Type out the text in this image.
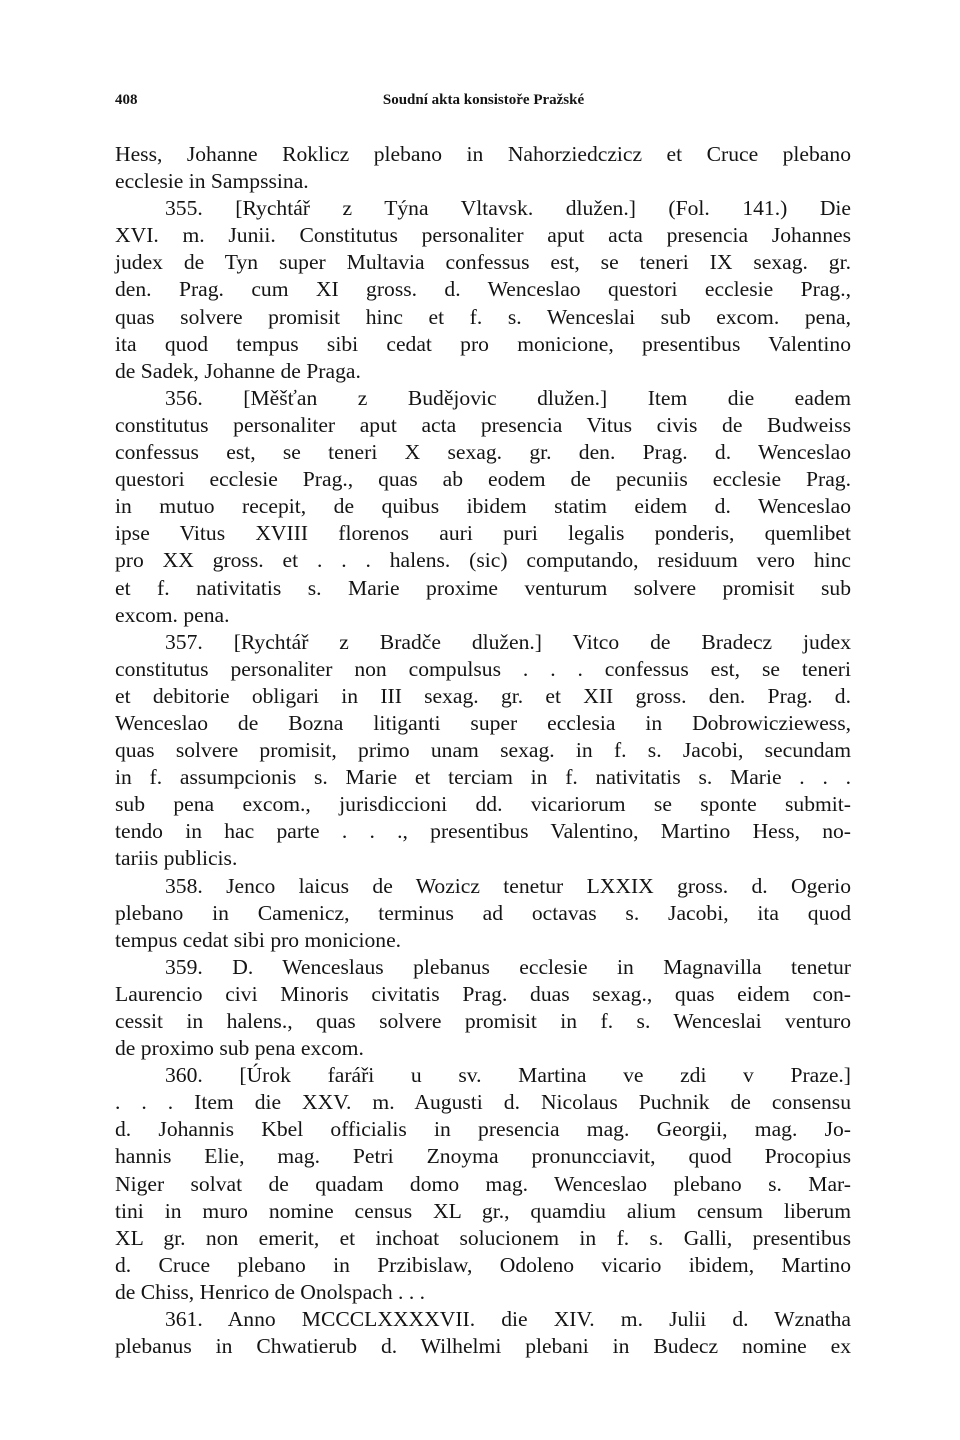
408	Soudní akta konsistoře Pražské
Hess, Johanne Roklicz plebano in Nahorziedczicz et Cruce plebano
ecclesie in Sampssina.
355. [Rychtář z Týna Vltavsk. dlužen.] (Fol. 141.) Die
XVI. m. Junii. Constitutus personaliter aput acta presencia Johannes
judex de Tyn super Multavia confessus est, se teneri IX sexag. gr.
den. Prag. cum XI gross. d. Wenceslao questori ecclesie Prag.,
quas solvere promisit hinc et f. s. Wenceslai sub excom. pena,
ita quod tempus sibi cedat pro monicione, presentibus Valentino
de Sadek, Johanne de Praga.
356. [Měšťan z Budějovic dlužen.] Item die eadem
constitutus personaliter aput acta presencia Vitus civis de Budweiss
confessus est, se teneri X sexag. gr. den. Prag. d. Wenceslao
questori ecclesie Prag., quas ab eodem de pecuniis ecclesie Prag.
in mutuo recepit, de quibus ibidem statim eidem d. Wenceslao
ipse Vitus XVIII florenos auri puri legalis ponderis, quemlibet
pro XX gross. et . . . halens. (sic) computando, residuum vero hinc
et f. nativitatis s. Marie proxime venturum solvere promisit sub
excom. pena.
357. [Rychtář z Bradče dlužen.] Vitco de Bradecz judex
constitutus personaliter non compulsus . . . confessus est, se teneri
et debitorie obligari in III sexag. gr. et XII gross. den. Prag. d.
Wenceslao de Bozna litiganti super ecclesia in Dobrowicziewess,
quas solvere promisit, primo unam sexag. in f. s. Jacobi, secundam
in f. assumpcionis s. Marie et terciam in f. nativitatis s. Marie . . .
sub pena excom., jurisdiccioni dd. vicariorum se sponte submit-
tendo in hac parte . . ., presentibus Valentino, Martino Hess, no-
tariis publicis.
358. Jenco laicus de Wozicz tenetur LXXIX gross. d. Ogerio
plebano in Camenicz, terminus ad octavas s. Jacobi, ita quod
tempus cedat sibi pro monicione.
359. D. Wenceslaus plebanus ecclesie in Magnavilla tenetur
Laurencio civi Minoris civitatis Prag. duas sexag., quas eidem con-
cessit in halens., quas solvere promisit in f. s. Wenceslai venturo
de proximo sub pena excom.
360. [Úrok faráři u sv. Martina ve zdi v Praze.]
. . . Item die XXV. m. Augusti d. Nicolaus Puchnik de consensu
d. Johannis Kbel officialis in presencia mag. Georgii, mag. Jo-
hannis Elie, mag. Petri Znoyma pronuncciavit, quod Procopius
Niger solvat de quadam domo mag. Wenceslao plebano s. Mar-
tini in muro nomine census XL gr., quamdiu alium censum liberum
XL gr. non emerit, et inchoat solucionem in f. s. Galli, presentibus
d. Cruce plebano in Przibislaw, Odoleno vicario ibidem, Martino
de Chiss, Henrico de Onolspach . . .
361. Anno MCCCLXXXXVII. die XIV. m. Julii d. Wznatha
plebanus in Chwatierub d. Wilhelmi plebani in Budecz nomine ex
